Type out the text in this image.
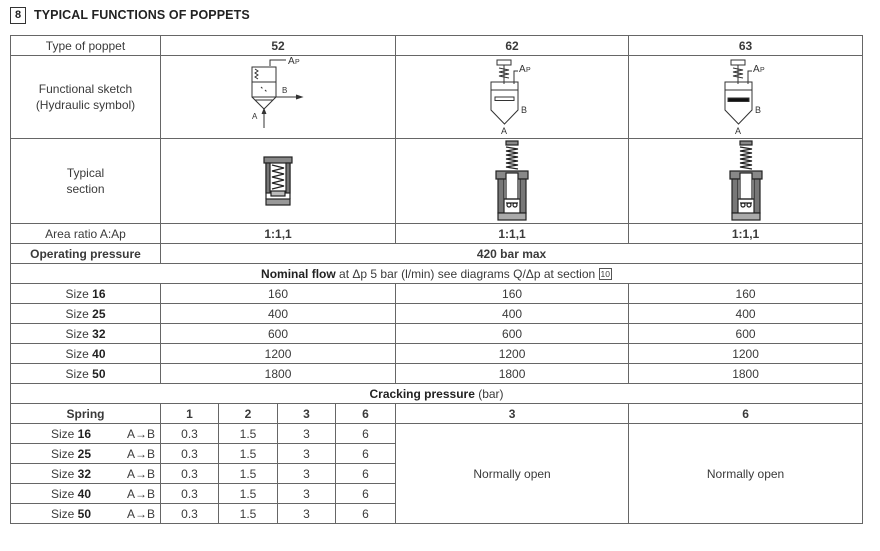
8	TYPICAL FUNCTIONS OF POPPETS
Type of poppet	52				62	63

Functional sketch
(Hydraulic symbol)

A P
B
A

A P
B
A

A P
B
A

Typical
section

Area ratio A:Ap	1:1,1				1:1,1	1:1,1
Operating pressure	420 bar max					
Nominal flow at Δp 5 bar (l/min) see diagrams Q/Δp at section 10						
Size 16	160				160	160
Size 25	400				400	400
Size 32	600				600	600
Size 40	1200				1200	1200
Size 50	1800				1800	1800
Cracking pressure (bar)						
Spring	1	2	3	6	3	6
Size 16 A→B	0.3	1.5	3	6	Normally open	Normally open
Size 25 A→B	0.3	1.5	3	6		
Size 32 A→B	0.3	1.5	3	6		
Size 40 A→B	0.3	1.5	3	6		
Size 50 A→B	0.3	1.5	3	6		
